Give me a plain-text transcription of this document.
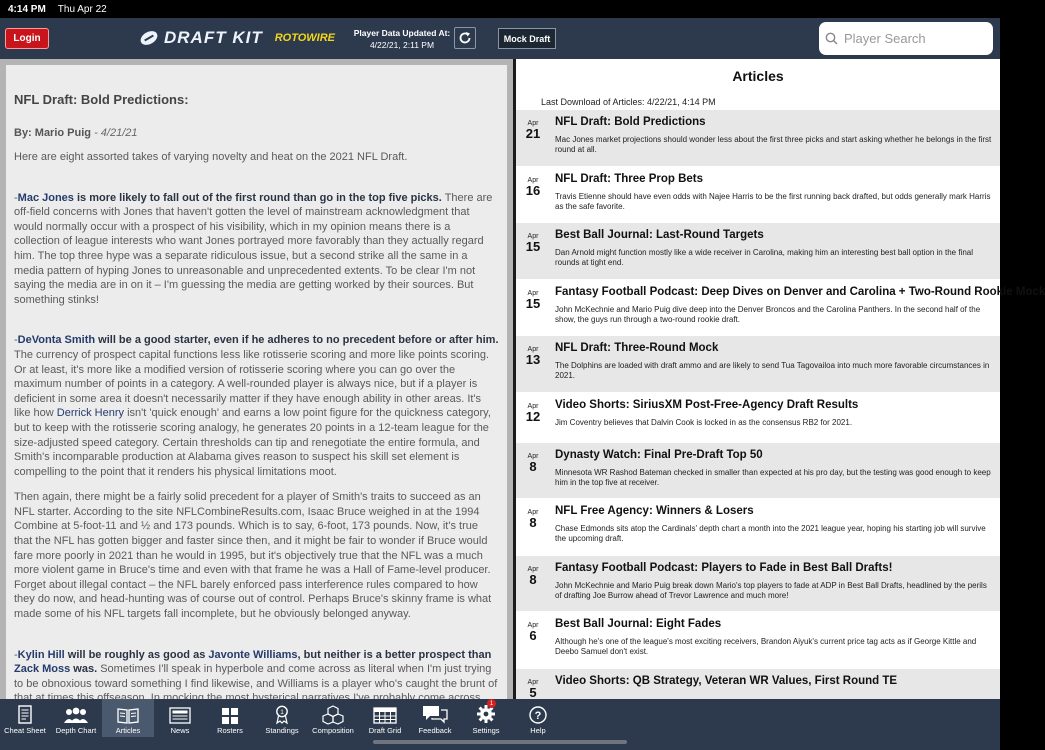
4:14 PM Thu Apr 22
Login	DRAFT KIT ROTOWIRE	Player Data Updated At:
4/22/21, 2:11 PM
Mock Draft
Player Search
NFL Draft: Bold Predictions:
By: Mario Puig - 4/21/21

Here are eight assorted takes of varying novelty and heat on the 2021 NFL Draft.

-Mac Jones is more likely to fall out of the first round than go in the top five picks. There are off-field concerns with Jones that haven't gotten the level of mainstream acknowledgment that would normally occur with a prospect of his visibility, which in my opinion means there is a collection of league interests who want Jones portrayed more favorably than they actually regard him. The top three hype was a separate ridiculous issue, but a second strike all the same in a media pattern of hyping Jones to unreasonable and unprecedented extents. To be clear I'm not saying the media are in on it – I'm guessing the media are getting worked by their sources. But something stinks!

-DeVonta Smith will be a good starter, even if he adheres to no precedent before or after him. The currency of prospect capital functions less like rotisserie scoring and more like points scoring. Or at least, it's more like a modified version of rotisserie scoring where you can go over the maximum number of points in a category. A well-rounded player is always nice, but if a player is deficient in some area it doesn't necessarily matter if they have enough ability in other areas. It's like how Derrick Henry isn't 'quick enough' and earns a low point figure for the quickness category, but to keep with the rotisserie scoring analogy, he generates 20 points in a 12-team league for the size-adjusted speed category. Certain thresholds can tip and renegotiate the entire formula, and Smith's incomparable production at Alabama gives reason to suspect his skill set element is compelling to the point that it renders his physical limitations moot.

Then again, there might be a fairly solid precedent for a player of Smith's traits to succeed as an NFL starter. According to the site NFLCombineResults.com, Isaac Bruce weighed in at the 1994 Combine at 5-foot-11 and ½ and 173 pounds. Which is to say, 6-foot, 173 pounds. Now, it's true that the NFL has gotten bigger and faster since then, and it might be fair to wonder if Bruce would fare more poorly in 2021 than he would in 1995, but it's objectively true that the NFL was a much more violent game in Bruce's time and even with that frame he was a Hall of Fame-level producer. Forget about illegal contact – the NFL barely enforced pass interference rules compared to how they do now, and head-hunting was of course out of control. Perhaps Bruce's skinny frame is what made some of his NFL targets fall incomplete, but he obviously belonged anyway.

-Kylin Hill will be roughly as good as Javonte Williams, but neither is a better prospect than Zack Moss was. Sometimes I'll speak in hyperbole and come across as literal when I'm just trying to be obnoxious toward something I find likewise, and Williams is a player who's caught the brunt of

Articles
Last Download of Articles: 4/22/21, 4:14 PM
Apr
21
NFL Draft: Bold Predictions
Mac Jones market projections should wonder less about the first three picks and start asking whether he belongs in the first round at all.
Apr
16
NFL Draft: Three Prop Bets
Travis Etienne should have even odds with Najee Harris to be the first running back drafted, but odds generally mark Harris as the safe favorite.
Apr
15
Best Ball Journal: Last-Round Targets
Dan Arnold might function mostly like a wide receiver in Carolina, making him an interesting best ball option in the final rounds at tight end.
Apr
15
Fantasy Football Podcast: Deep Dives on Denver and Carolina + Two-Round Rookie Mock
John McKechnie and Mario Puig dive deep into the Denver Broncos and the Carolina Panthers. In the second half of the show, the guys run through a two-round rookie draft.
Apr
13
NFL Draft: Three-Round Mock
The Dolphins are loaded with draft ammo and are likely to send Tua Tagovailoa into much more favorable circumstances in 2021.
Apr
12
Video Shorts: SiriusXM Post-Free-Agency Draft Results
Jim Coventry believes that Dalvin Cook is locked in as the consensus RB2 for 2021.
Apr
8
Dynasty Watch: Final Pre-Draft Top 50
Minnesota WR Rashod Bateman checked in smaller than expected at his pro day, but the testing was good enough to keep him in the top five at receiver.
Apr
8
NFL Free Agency: Winners & Losers
Chase Edmonds sits atop the Cardinals' depth chart a month into the 2021 league year, hoping his starting job will survive the upcoming draft.
Apr
8
Fantasy Football Podcast: Players to Fade in Best Ball Drafts!
John McKechnie and Mario Puig break down Mario's top players to fade at ADP in Best Ball Drafts, headlined by the perils of drafting Joe Burrow ahead of Trevor Lawrence and much more!
Apr
6
Best Ball Journal: Eight Fades
Although he's one of the league's most exciting receivers, Brandon Aiyuk's current price tag acts as if George Kittle and Deebo Samuel don't exist.
Apr
5
Video Shorts: QB Strategy, Veteran WR Values, First Round TE
Cheat Sheet Depth Chart	Articles	News	Rosters
1
Standings Composition Draft Grid Feedback
1
Settings
?
Help
